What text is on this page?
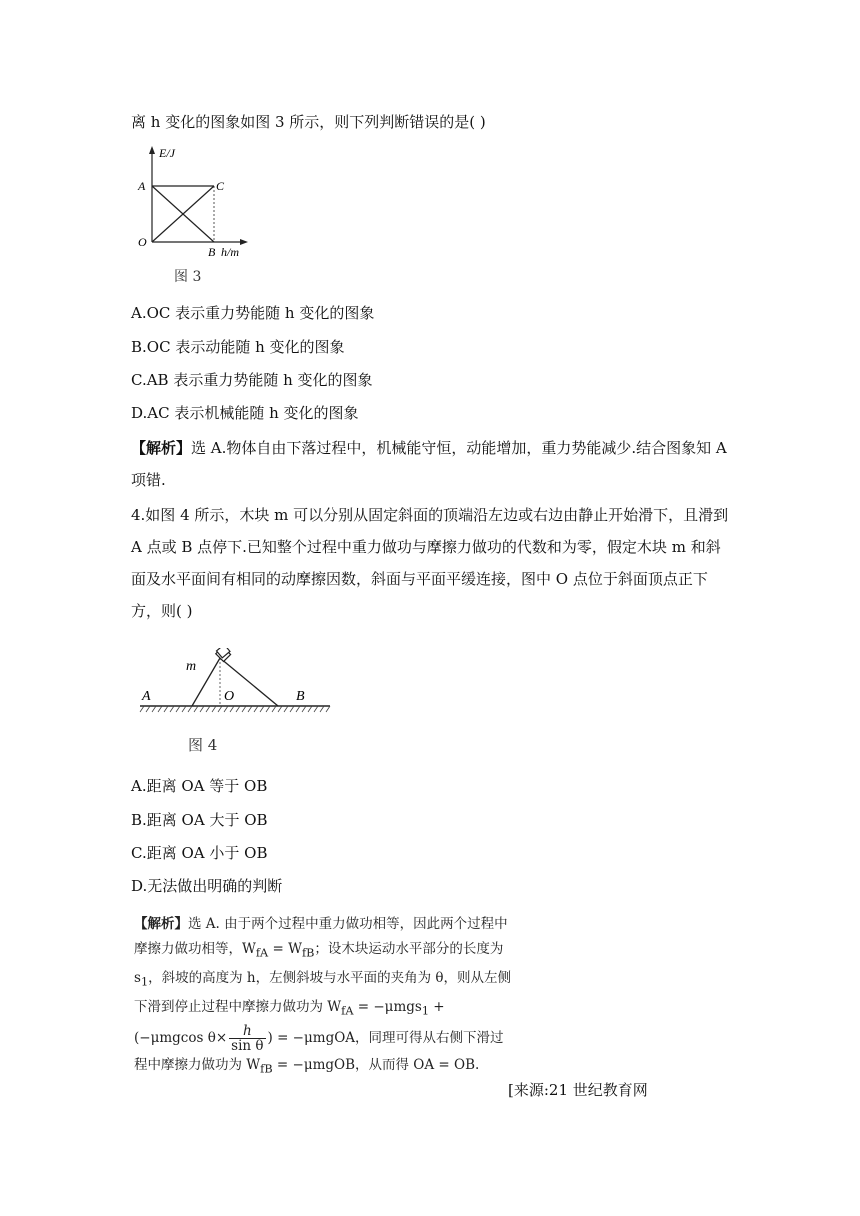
离 h 变化的图象如图 3 所示，则下列判断错误的是( )
E/J
A	C
O
B h/m
图 3
A.OC 表示重力势能随 h 变化的图象
B.OC 表示动能随 h 变化的图象
C.AB 表示重力势能随 h 变化的图象
D.AC 表示机械能随 h 变化的图象
【解析】选 A.物体自由下落过程中，机械能守恒，动能增加，重力势能减少.结合图象知 A 项错.
4.如图 4 所示，木块 m 可以分别从固定斜面的顶端沿左边或右边由静止开始滑下，且滑到 A 点或 B 点停下.已知整个过程中重力做功与摩擦力做功的代数和为零，假定木块 m 和斜面及水平面间有相同的动摩擦因数，斜面与平面平缓连接，图中 O 点位于斜面顶点正下方，则( )
m
A	O	B
图 4
A.距离 OA 等于 OB
B.距离 OA 大于 OB
C.距离 OA 小于 OB
D.无法做出明确的判断
【解析】选 A. 由于两个过程中重力做功相等，因此两个过程中摩擦力做功相等，$W_{fA} = W_{fB}$；设木块运动水平部分的长度为 $s_1$，斜坡的高度为 h，左侧斜坡与水平面的夹角为 θ，则从左侧下滑到停止过程中摩擦力做功为 $W_{fA} = -\mu mgs_1 + (-\mu mgcos$ $\theta\times \frac{h}{\text{sin θ}}$ ) = −μmgOA，同理可得从右侧下滑过程中摩擦力做功为 $W_{fB}$ = −μmgOB，从而得 OA = OB.
[来源:21 世纪教育网
